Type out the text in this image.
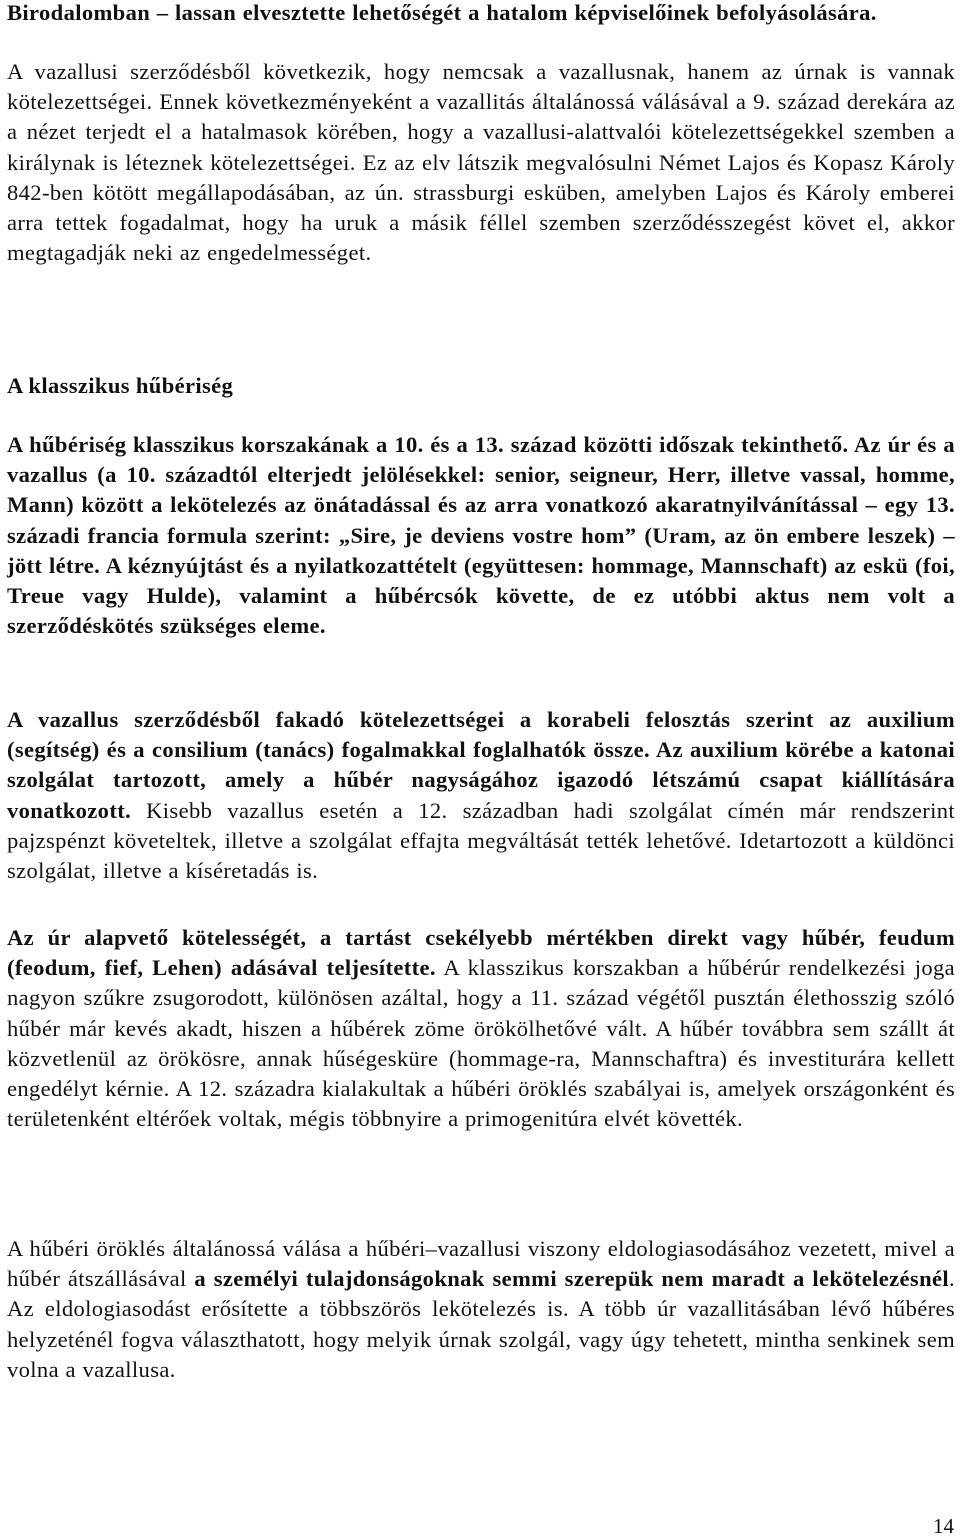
Birodalomban – lassan elvesztette lehetőségét a hatalom képviselőinek befolyásolására.

A vazallusi szerződésből következik, hogy nemcsak a vazallusnak, hanem az úrnak is vannak kötelezettségei. Ennek következményeként a vazallitás általánossá válásával a 9. század derekára az a nézet terjedt el a hatalmasok körében, hogy a vazallusi-alattvalói kötelezettségekkel szemben a királynak is léteznek kötelezettségei. Ez az elv látszik megvalósulni Német Lajos és Kopasz Károly 842-ben kötött megállapodásában, az ún. strassburgi esküben, amelyben Lajos és Károly emberei arra tettek fogadalmat, hogy ha uruk a másik féllel szemben szerződésszegést követ el, akkor megtagadják neki az engedelmességet.

A klasszikus hűbériség

A hűbériség klasszikus korszakának a 10. és a 13. század közötti időszak tekinthető. Az úr és a vazallus (a 10. századtól elterjedt jelölésekkel: senior, seigneur, Herr, illetve vassal, homme, Mann) között a lekötelezés az önátadással és az arra vonatkozó akaratnyilvánítással – egy 13. századi francia formula szerint: „Sire, je deviens vostre hom” (Uram, az ön embere leszek) – jött létre. A kéznyújtást és a nyilatkozattételt (együttesen: hommage, Mannschaft) az eskü (foi, Treue vagy Hulde), valamint a hűbércsók követte, de ez utóbbi aktus nem volt a szerződéskötés szükséges eleme.

A vazallus szerződésből fakadó kötelezettségei a korabeli felosztás szerint az auxilium (segítség) és a consilium (tanács) fogalmakkal foglalhatók össze. Az auxilium körébe a katonai szolgálat tartozott, amely a hűbér nagyságához igazodó létszámú csapat kiállítására vonatkozott. Kisebb vazallus esetén a 12. században hadi szolgálat címén már rendszerint pajzspénzt követeltek, illetve a szolgálat effajta megváltását tették lehetővé. Idetartozott a küldönci szolgálat, illetve a kíséretadás is.

Az úr alapvető kötelességét, a tartást csekélyebb mértékben direkt vagy hűbér, feudum (feodum, fief, Lehen) adásával teljesítette. A klasszikus korszakban a hűbérúr rendelkezési joga nagyon szűkre zsugorodott, különösen azáltal, hogy a 11. század végétől pusztán élethosszig szóló hűbér már kevés akadt, hiszen a hűbérek zöme örökölhetővé vált. A hűbér továbbra sem szállt át közvetlenül az örökösre, annak hűségesküre (hommage-ra, Mannschaftra) és investiturára kellett engedélyt kérnie. A 12. századra kialakultak a hűbéri öröklés szabályai is, amelyek országonként és területenként eltérőek voltak, mégis többnyire a primogenitúra elvét követték.

A hűbéri öröklés általánossá válása a hűbéri–vazallusi viszony eldologiasodásához vezetett, mivel a hűbér átszállásával a személyi tulajdonságoknak semmi szerepük nem maradt a lekötelezésnél. Az eldologiasodást erősítette a többszörös lekötelezés is. A több úr vazallitásában lévő hűbéres helyzeténél fogva választhatott, hogy melyik úrnak szolgál, vagy úgy tehetett, mintha senkinek sem volna a vazallusa.

14
